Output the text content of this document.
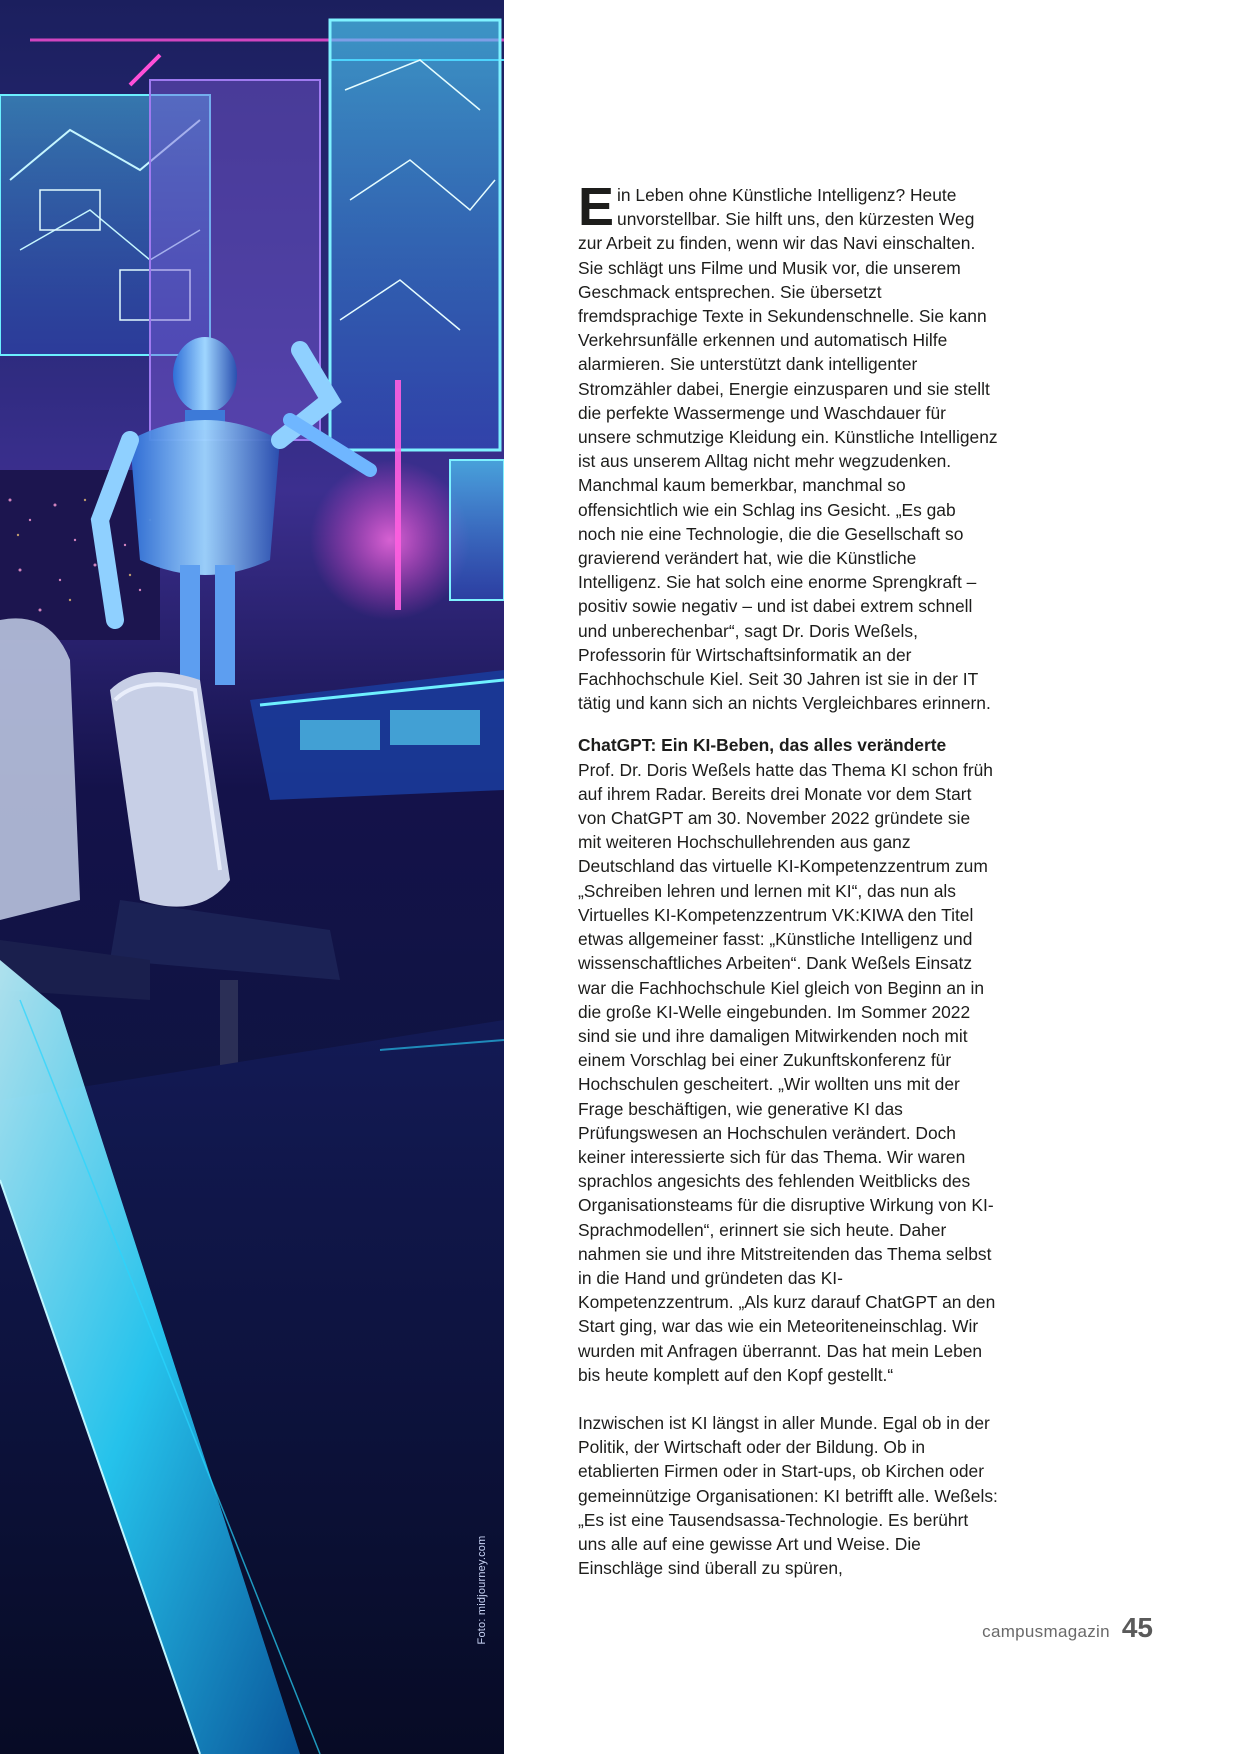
Foto: midjourney.com

Ein Leben ohne Künstliche Intelligenz? Heute unvorstellbar. Sie hilft uns, den kürzesten Weg zur Arbeit zu finden, wenn wir das Navi einschalten. Sie schlägt uns Filme und Musik vor, die unserem Geschmack entsprechen. Sie übersetzt fremdsprachige Texte in Sekundenschnelle. Sie kann Verkehrsunfälle erkennen und automatisch Hilfe alarmieren. Sie unterstützt dank intelligenter Stromzähler dabei, Energie einzusparen und sie stellt die perfekte Wassermenge und Waschdauer für unsere schmutzige Kleidung ein. Künstliche Intelligenz ist aus unserem Alltag nicht mehr wegzudenken. Manchmal kaum bemerkbar, manchmal so offensichtlich wie ein Schlag ins Gesicht. „Es gab noch nie eine Technologie, die die Gesellschaft so gravierend verändert hat, wie die Künstliche Intelligenz. Sie hat solch eine enorme Sprengkraft – positiv sowie negativ – und ist dabei extrem schnell und unberechenbar“, sagt Dr. Doris Weßels, Professorin für Wirtschaftsinformatik an der Fachhochschule Kiel. Seit 30 Jahren ist sie in der IT tätig und kann sich an nichts Vergleichbares erinnern.

ChatGPT: Ein KI-Beben, das alles veränderte

Prof. Dr. Doris Weßels hatte das Thema KI schon früh auf ihrem Radar. Bereits drei Monate vor dem Start von ChatGPT am 30. November 2022 gründete sie mit weiteren Hochschullehrenden aus ganz Deutschland das virtuelle KI-Kompetenzzentrum zum „Schreiben lehren und lernen mit KI“, das nun als Virtuelles KI-Kompetenzzentrum VK:KIWA den Titel etwas allgemeiner fasst: „Künstliche Intelligenz und wissenschaftliches Arbeiten“. Dank Weßels Einsatz war die Fachhochschule Kiel gleich von Beginn an in die große KI-Welle eingebunden. Im Sommer 2022 sind sie und ihre damaligen Mitwirkenden noch mit einem Vorschlag bei einer Zukunftskonferenz für Hochschulen gescheitert. „Wir wollten uns mit der Frage beschäftigen, wie generative KI das Prüfungswesen an Hochschulen verändert. Doch keiner interessierte sich für das Thema. Wir waren sprachlos angesichts des fehlenden Weitblicks des Organisationsteams für die disruptive Wirkung von KI-Sprachmodellen“, erinnert sie sich heute. Daher nahmen sie und ihre Mitstreitenden das Thema selbst in die Hand und gründeten das KI-Kompetenzzentrum. „Als kurz darauf ChatGPT an den Start ging, war das wie ein Meteoriteneinschlag. Wir wurden mit Anfragen überrannt. Das hat mein Leben bis heute komplett auf den Kopf gestellt.“

Inzwischen ist KI längst in aller Munde. Egal ob in der Politik, der Wirtschaft oder der Bildung. Ob in etablierten Firmen oder in Start-ups, ob Kirchen oder gemeinnützige Organisationen: KI betrifft alle. Weßels: „Es ist eine Tausendsassa-Technologie. Es berührt uns alle auf eine gewisse Art und Weise. Die Einschläge sind überall zu spüren,

campusmagazin 45
